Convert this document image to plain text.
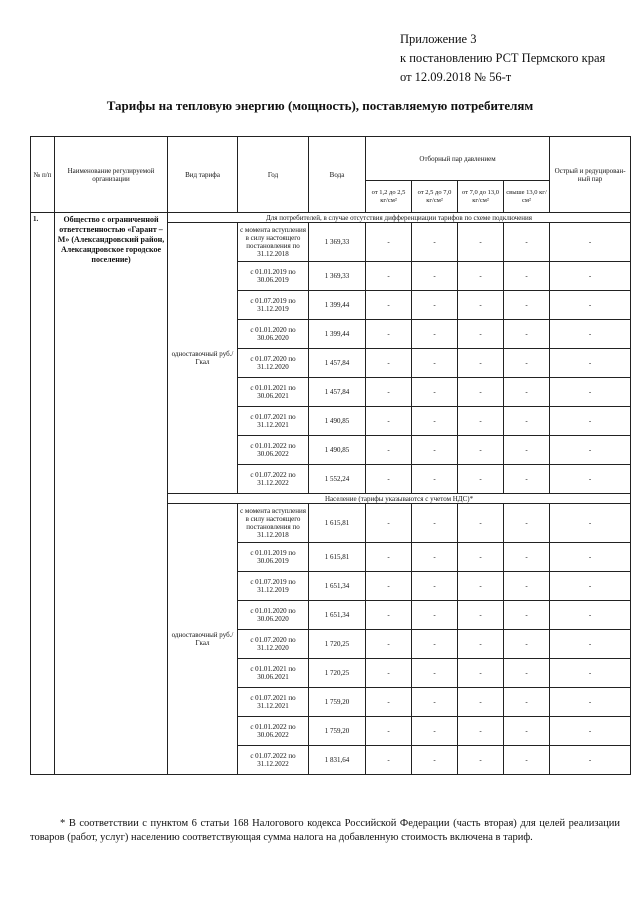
Приложение 3
к постановлению РСТ Пермского края
от 12.09.2018 № 56-т
Тарифы на тепловую энергию (мощность), поставляемую потребителям
№ п/п	Наименование регулируемой организации	Вид тарифа	Год	Вода	Отборный пар давлением				Острый и редуцирован-ный пар
					от 1,2 до 2,5 кг/см²	от 2,5 до 7,0 кг/см²	от 7,0 до 13,0 кг/см²	свыше 13,0 кг/см²	
1.	Общество с ограниченной ответственностью «Гарант – М» (Александровский район, Александровское городское поселение)	Для потребителей, в случае отсутствия дифференциации тарифов по схеме подключения							
		одноставочный руб./Гкал	с момента вступления в силу настоящего постановления по 31.12.2018	1 369,33	-	-	-	-	-
			с 01.01.2019 по 30.06.2019	1 369,33	-	-	-	-	-
			с 01.07.2019 по 31.12.2019	1 399,44	-	-	-	-	-
			с 01.01.2020 по 30.06.2020	1 399,44	-	-	-	-	-
			с 01.07.2020 по 31.12.2020	1 457,84	-	-	-	-	-
			с 01.01.2021 по 30.06.2021	1 457,84	-	-	-	-	-
			с 01.07.2021 по 31.12.2021	1 490,85	-	-	-	-	-
			с 01.01.2022 по 30.06.2022	1 490,85	-	-	-	-	-
			с 01.07.2022 по 31.12.2022	1 552,24	-	-	-	-	-
		Население (тарифы указываются с учетом НДС)*							
		одноставочный руб./Гкал	с момента вступления в силу настоящего постановления по 31.12.2018	1 615,81	-	-	-	-	-
			с 01.01.2019 по 30.06.2019	1 615,81	-	-	-	-	-
			с 01.07.2019 по 31.12.2019	1 651,34	-	-	-	-	-
			с 01.01.2020 по 30.06.2020	1 651,34	-	-	-	-	-
			с 01.07.2020 по 31.12.2020	1 720,25	-	-	-	-	-
			с 01.01.2021 по 30.06.2021	1 720,25	-	-	-	-	-
			с 01.07.2021 по 31.12.2021	1 759,20	-	-	-	-	-
			с 01.01.2022 по 30.06.2022	1 759,20	-	-	-	-	-
			с 01.07.2022 по 31.12.2022	1 831,64	-	-	-	-	-
* В соответствии с пунктом 6 статьи 168 Налогового кодекса Российской Федерации (часть вторая) для целей реализации товаров (работ, услуг) населению соответствующая сумма налога на добавленную стоимость включена в тариф.
